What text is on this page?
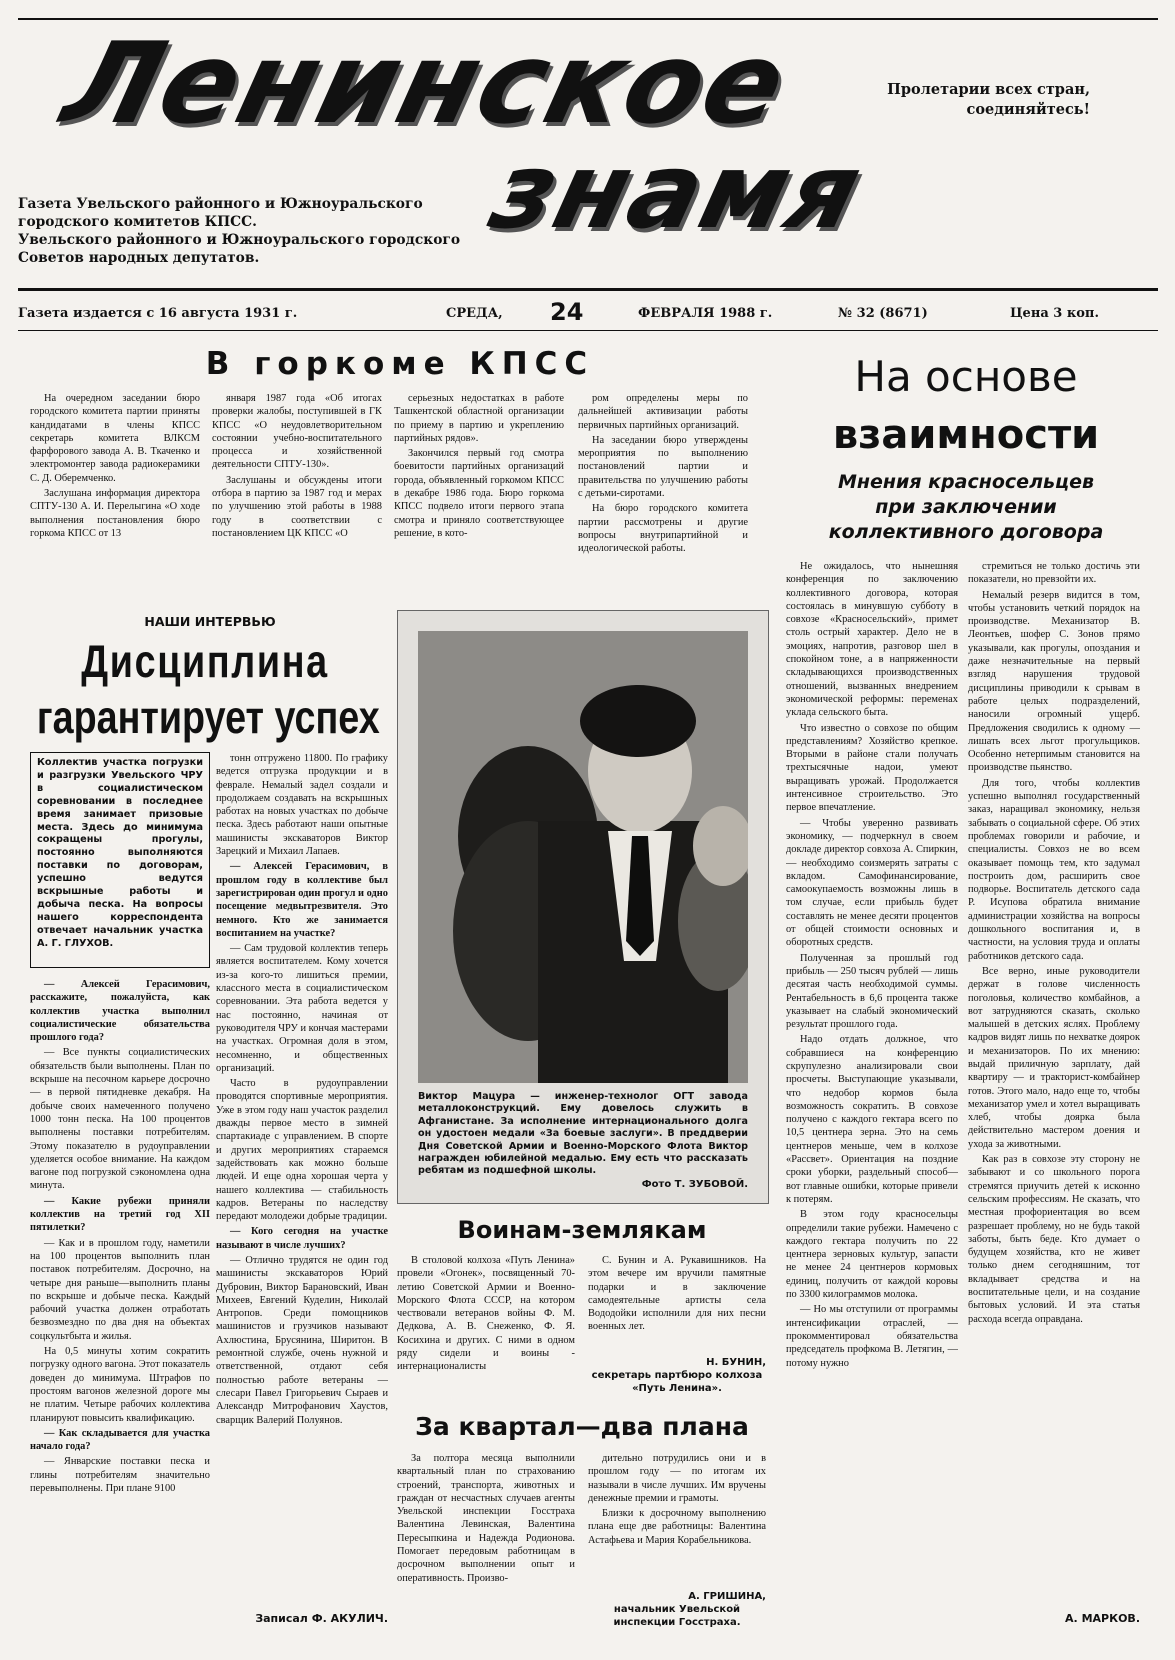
Ленинское
знамя
Пролетарии всех стран,
соединяйтесь!
Газета Увельского районного и Южноуральского
городского комитетов КПСС.
Увельского районного и Южноуральского городского
Советов народных депутатов.
Газета издается с 16 августа 1931 г.	СРЕДА, 24	ФЕВРАЛЯ 1988 г.	№ 32 (8671)	Цена 3 коп.
В горкоме КПСС

На очередном заседании бюро городского комитета партии приняты кандидатами в члены КПСС секретарь комитета ВЛКСМ фарфорового завода А. В. Ткаченко и электромонтер завода радиокерамики С. Д. Оберемченко.

Заслушана информация директора СПТУ-130 А. И. Перелыгина «О ходе выполнения постановления бюро горкома КПСС от 13

января 1987 года «Об итогах проверки жалобы, поступившей в ГК КПСС «О неудовлетворительном состоянии учебно-воспитательного процесса и хозяйственной деятельности СПТУ-130».

Заслушаны и обсуждены итоги отбора в партию за 1987 год и мерах по улучшению этой работы в 1988 году в соответствии с постановлением ЦК КПСС «О

серьезных недостатках в работе Ташкентской областной организации по приему в партию и укреплению партийных рядов».

Закончился первый год смотра боевитости партийных организаций города, объявленный горкомом КПСС в декабре 1986 года. Бюро горкома КПСС подвело итоги первого этапа смотра и приняло соответствующее решение, в кото-

ром определены меры по дальнейшей активизации работы первичных партийных организаций.

На заседании бюро утверждены мероприятия по выполнению постановлений партии и правительства по улучшению работы с детьми-сиротами.

На бюро городского комитета партии рассмотрены и другие вопросы внутрипартийной и идеологической работы.

На основе
взаимности
Мнения красносельцев
при заключении
коллективного договора

Не ожидалось, что нынешняя конференция по заключению коллективного договора, которая состоялась в минувшую субботу в совхозе «Красносельский», примет столь острый характер. Дело не в эмоциях, напротив, разговор шел в спокойном тоне, а в напряженности складывающихся производственных отношений, вызванных внедрением экономической реформы: переменах уклада сельского быта.

Что известно о совхозе по общим представлениям? Хозяйство крепкое. Вторыми в районе стали получать трехтысячные надои, умеют выращивать урожай. Продолжается интенсивное строительство. Это первое впечатление.

— Чтобы уверенно развивать экономику, — подчеркнул в своем докладе директор совхоза А. Спиркин, — необходимо соизмерять затраты с вкладом. Самофинансирование, самоокупаемость возможны лишь в том случае, если прибыль будет составлять не менее десяти процентов от общей стоимости основных и оборотных средств.

Полученная за прошлый год прибыль — 250 тысяч рублей — лишь десятая часть необходимой суммы. Рентабельность в 6,6 процента также указывает на слабый экономический результат прошлого года.

Надо отдать должное, что собравшиеся на конференцию скрупулезно анализировали свои просчеты. Выступающие указывали, что недобор кормов была возможность сократить. В совхозе получено с каждого гектара всего по 10,5 центнера зерна. Это на семь центнеров меньше, чем в колхозе «Рассвет». Ориентация на поздние сроки уборки, раздельный способ—вот главные ошибки, которые привели к потерям.

В этом году красносельцы определили такие рубежи. Намечено с каждого гектара получить по 22 центнера зерновых культур, запасти не менее 24 центнеров кормовых единиц, получить от каждой коровы по 3300 килограммов молока.

— Но мы отступили от программы интенсификации отраслей, — прокомментировал обязательства председатель профкома В. Летягин, — потому нужно

стремиться не только достичь эти показатели, но превзойти их.

Немалый резерв видится в том, чтобы установить четкий порядок на производстве. Механизатор В. Леонтьев, шофер С. Зонов прямо указывали, как прогулы, опоздания и даже незначительные на первый взгляд нарушения трудовой дисциплины приводили к срывам в работе целых подразделений, наносили огромный ущерб. Предложения сводились к одному — лишать всех льгот прогульщиков. Особенно нетерпимым становится на производстве пьянство.

Для того, чтобы коллектив успешно выполнял государственный заказ, наращивал экономику, нельзя забывать о социальной сфере. Об этих проблемах говорили и рабочие, и специалисты. Совхоз не во всем оказывает помощь тем, кто задумал построить дом, расширить свое подворье. Воспитатель детского сада Р. Исупова обратила внимание администрации хозяйства на вопросы дошкольного воспитания и, в частности, на условия труда и оплаты работников детского сада.

Все верно, иные руководители держат в голове численность поголовья, количество комбайнов, а вот затрудняются сказать, сколько малышей в детских яслях. Проблему кадров видят лишь по нехватке доярок и механизаторов. По их мнению: выдай приличную зарплату, дай квартиру — и тракторист-комбайнер готов. Этого мало, надо еще то, чтобы механизатор умел и хотел выращивать хлеб, чтобы доярка была действительно мастером доения и ухода за животными.

Как раз в совхозе эту сторону не забывают и со школьного порога стремятся приучить детей к исконно сельским профессиям. Не сказать, что местная профориентация во всем разрешает проблему, но не будь такой заботы, быть беде. Кто думает о будущем хозяйства, кто не живет только днем сегодняшним, тот вкладывает средства и на воспитательные цели, и на создание бытовых условий. И эта статья расхода всегда оправдана.

А. МАРКОВ.
НАШИ ИНТЕРВЬЮ
Дисциплина
гарантирует успех
Коллектив участка погрузки и разгрузки Увельского ЧРУ в социалистическом соревновании в последнее время занимает призовые места. Здесь до минимума сокращены прогулы, постоянно выполняются поставки по договорам, успешно ведутся вскрышные работы и добыча песка. На вопросы нашего корреспондента отвечает начальник участка А. Г. ГЛУХОВ.

— Алексей Герасимович, расскажите, пожалуйста, как коллектив участка выполнил социалистические обязательства прошлого года?

— Все пункты социалистических обязательств были выполнены. План по вскрыше на песочном карьере досрочно — в первой пятидневке декабря. На добыче своих намеченного получено 1000 тонн песка. На 100 процентов выполнены поставки потребителям. Этому показателю в рудоуправлении уделяется особое внимание. На каждом вагоне под погрузкой сэкономлена одна минута.

— Какие рубежи приняли коллектив на третий год XII пятилетки?

— Как и в прошлом году, наметили на 100 процентов выполнить план поставок потребителям. Досрочно, на четыре дня раньше—выполнить планы по вскрыше и добыче песка. Каждый рабочий участка должен отработать безвозмездно по два дня на объектах соцкультбыта и жилья.

На 0,5 минуты хотим сократить погрузку одного вагона. Этот показатель доведен до минимума. Штрафов по простоям вагонов железной дороге мы не платим. Четыре рабочих коллектива планируют повысить квалификацию.

— Как складывается для участка начало года?

— Январские поставки песка и глины потребителям значительно перевыполнены. При плане 9100

тонн отгружено 11800. По графику ведется отгрузка продукции и в феврале. Немалый задел создали и продолжаем создавать на вскрышных работах на новых участках по добыче песка. Здесь работают наши опытные машинисты экскаваторов Виктор Зарецкий и Михаил Лапаев.

— Алексей Герасимович, в прошлом году в коллективе был зарегистрирован один прогул и одно посещение медвытрезвителя. Это немного. Кто же занимается воспитанием на участке?

— Сам трудовой коллектив теперь является воспитателем. Кому хочется из-за кого-то лишиться премии, классного места в социалистическом соревновании. Эта работа ведется у нас постоянно, начиная от руководителя ЧРУ и кончая мастерами на участках. Огромная доля в этом, несомненно, и общественных организаций.

Часто в рудоуправлении проводятся спортивные мероприятия. Уже в этом году наш участок разделил дважды первое место в зимней спартакиаде с управлением. В спорте и других мероприятиях стараемся задействовать как можно больше людей. И еще одна хорошая черта у нашего коллектива — стабильность кадров. Ветераны по наследству передают молодежи добрые традиции.

— Кого сегодня на участке называют в числе лучших?

— Отлично трудятся не один год машинисты экскаваторов Юрий Дубровин, Виктор Барановский, Иван Михеев, Евгений Куделин, Николай Антропов. Среди помощников машинистов и грузчиков называют Ахлюстина, Брусянина, Ширитон. В ремонтной службе, очень нужной и ответственной, отдают себя полностью работе ветераны — слесари Павел Григорьевич Сыраев и Александр Митрофанович Хаустов, сварщик Валерий Полуянов.

Записал Ф. АКУЛИЧ.
Виктор Мацура — инженер-технолог ОГТ завода металлоконструкций. Ему довелось служить в Афганистане. За исполнение интернационального долга он удостоен медали «За боевые заслуги». В преддверии Дня Советской Армии и Военно-Морского Флота Виктор награжден юбилейной медалью. Ему есть что рассказать ребятам из подшефной школы.
Фото Т. ЗУБОВОЙ.
Воинам-землякам

В столовой колхоза «Путь Ленина» провели «Огонек», посвященный 70-летию Советской Армии и Военно-Морского Флота СССР, на котором чествовали ветеранов войны Ф. М. Дедкова, А. В. Снеженко, Ф. Я. Косихина и других. С ними в одном ряду сидели и воины - интернационалисты

С. Бунин и А. Рукавишников. На этом вечере им вручили памятные подарки и в заключение самодеятельные артисты села Вододойки исполнили для них песни военных лет.

Н. БУНИН,
секретарь партбюро колхоза «Путь Ленина».
За квартал—два плана

За полтора месяца выполнили квартальный план по страхованию строений, транспорта, животных и граждан от несчастных случаев агенты Увельской инспекции Госстраха Валентина Левинская, Валентина Пересыпкина и Надежда Родионова. Помогает передовым работницам в досрочном выполнении опыт и оперативность. Произво-

дительно потрудились они и в прошлом году — по итогам их называли в числе лучших. Им вручены денежные премии и грамоты.

Близки к досрочному выполнению плана еще две работницы: Валентина Астафьева и Мария Корабельникова.

А. ГРИШИНА,
начальник Увельской инспекции Госстраха.
